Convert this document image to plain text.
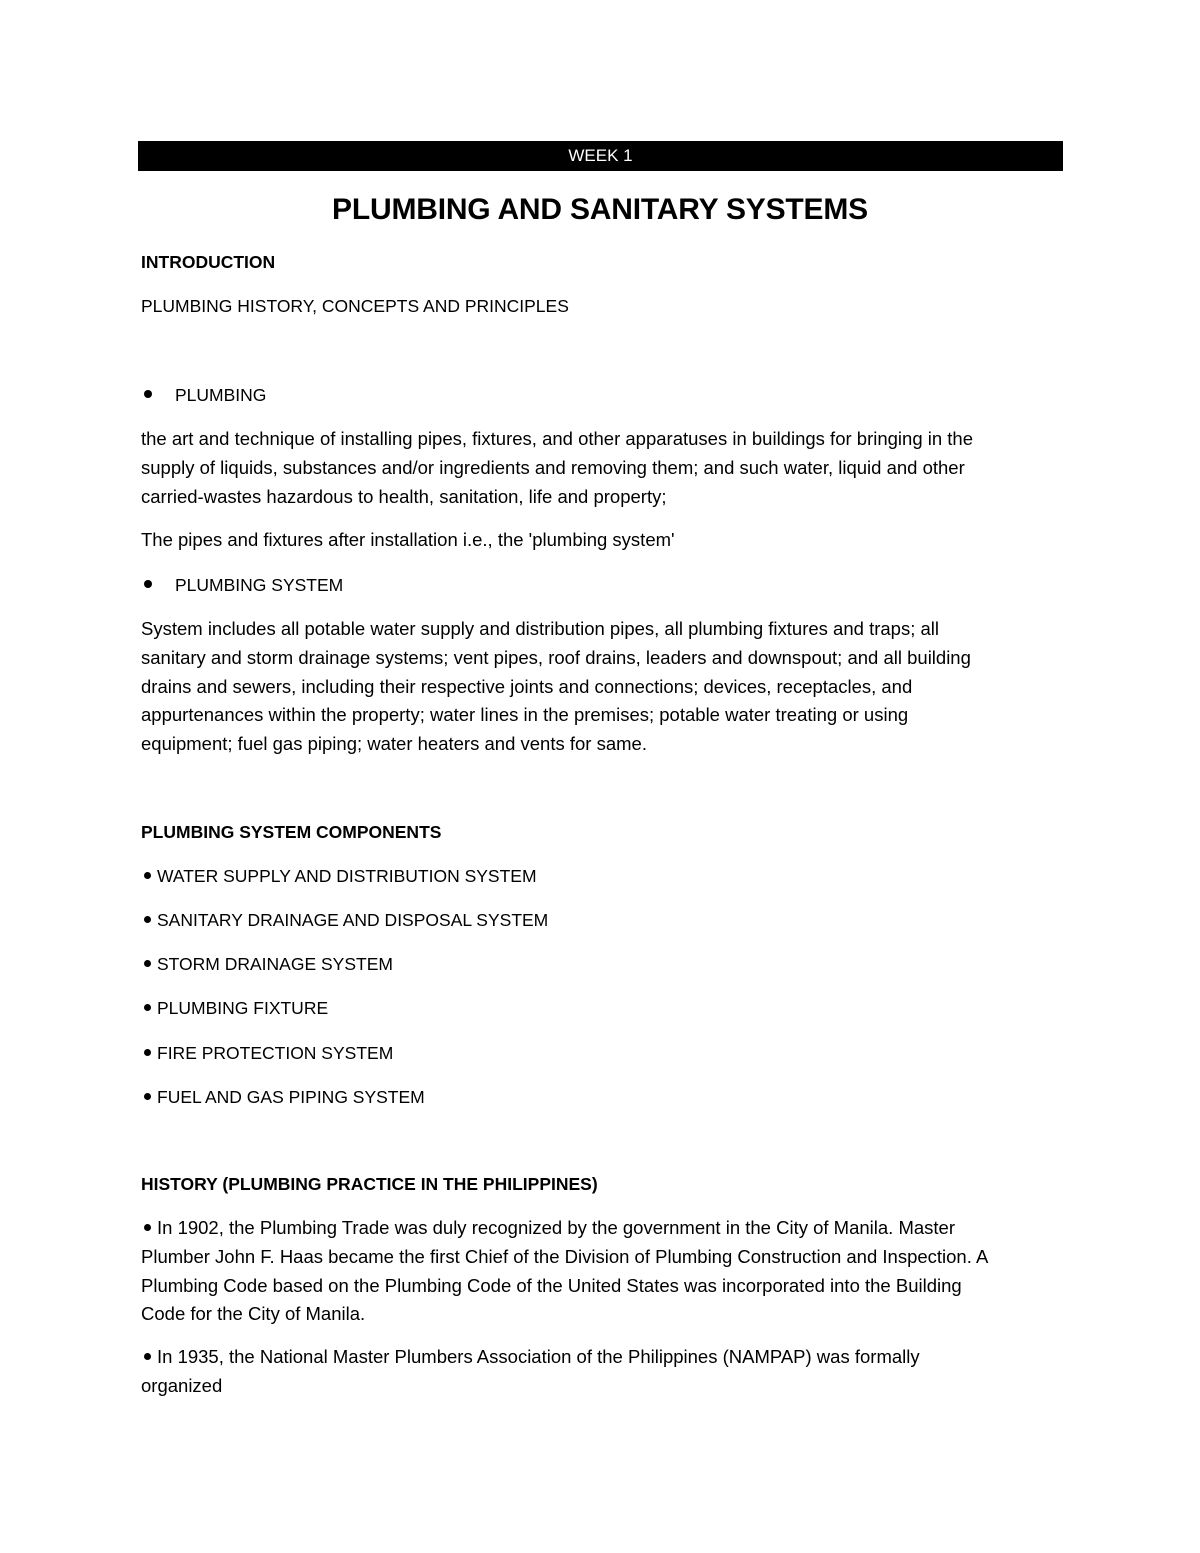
WEEK 1
PLUMBING AND SANITARY SYSTEMS
INTRODUCTION
PLUMBING HISTORY, CONCEPTS AND PRINCIPLES
PLUMBING
the art and technique of installing pipes, fixtures, and other apparatuses in buildings for bringing in the
supply of liquids, substances and/or ingredients and removing them; and such water, liquid and other
carried-wastes hazardous to health, sanitation, life and property;
The pipes and fixtures after installation i.e., the 'plumbing system'
PLUMBING SYSTEM
System includes all potable water supply and distribution pipes, all plumbing fixtures and traps; all
sanitary and storm drainage systems; vent pipes, roof drains, leaders and downspout; and all building
drains and sewers, including their respective joints and connections; devices, receptacles, and
appurtenances within the property; water lines in the premises; potable water treating or using
equipment; fuel gas piping; water heaters and vents for same.
PLUMBING SYSTEM COMPONENTS
WATER SUPPLY AND DISTRIBUTION SYSTEM
SANITARY DRAINAGE AND DISPOSAL SYSTEM
STORM DRAINAGE SYSTEM
PLUMBING FIXTURE
FIRE PROTECTION SYSTEM
FUEL AND GAS PIPING SYSTEM
HISTORY (PLUMBING PRACTICE IN THE PHILIPPINES)
In 1902, the Plumbing Trade was duly recognized by the government in the City of Manila. Master
Plumber John F. Haas became the first Chief of the Division of Plumbing Construction and Inspection. A
Plumbing Code based on the Plumbing Code of the United States was incorporated into the Building
Code for the City of Manila.
In 1935, the National Master Plumbers Association of the Philippines (NAMPAP) was formally
organized
